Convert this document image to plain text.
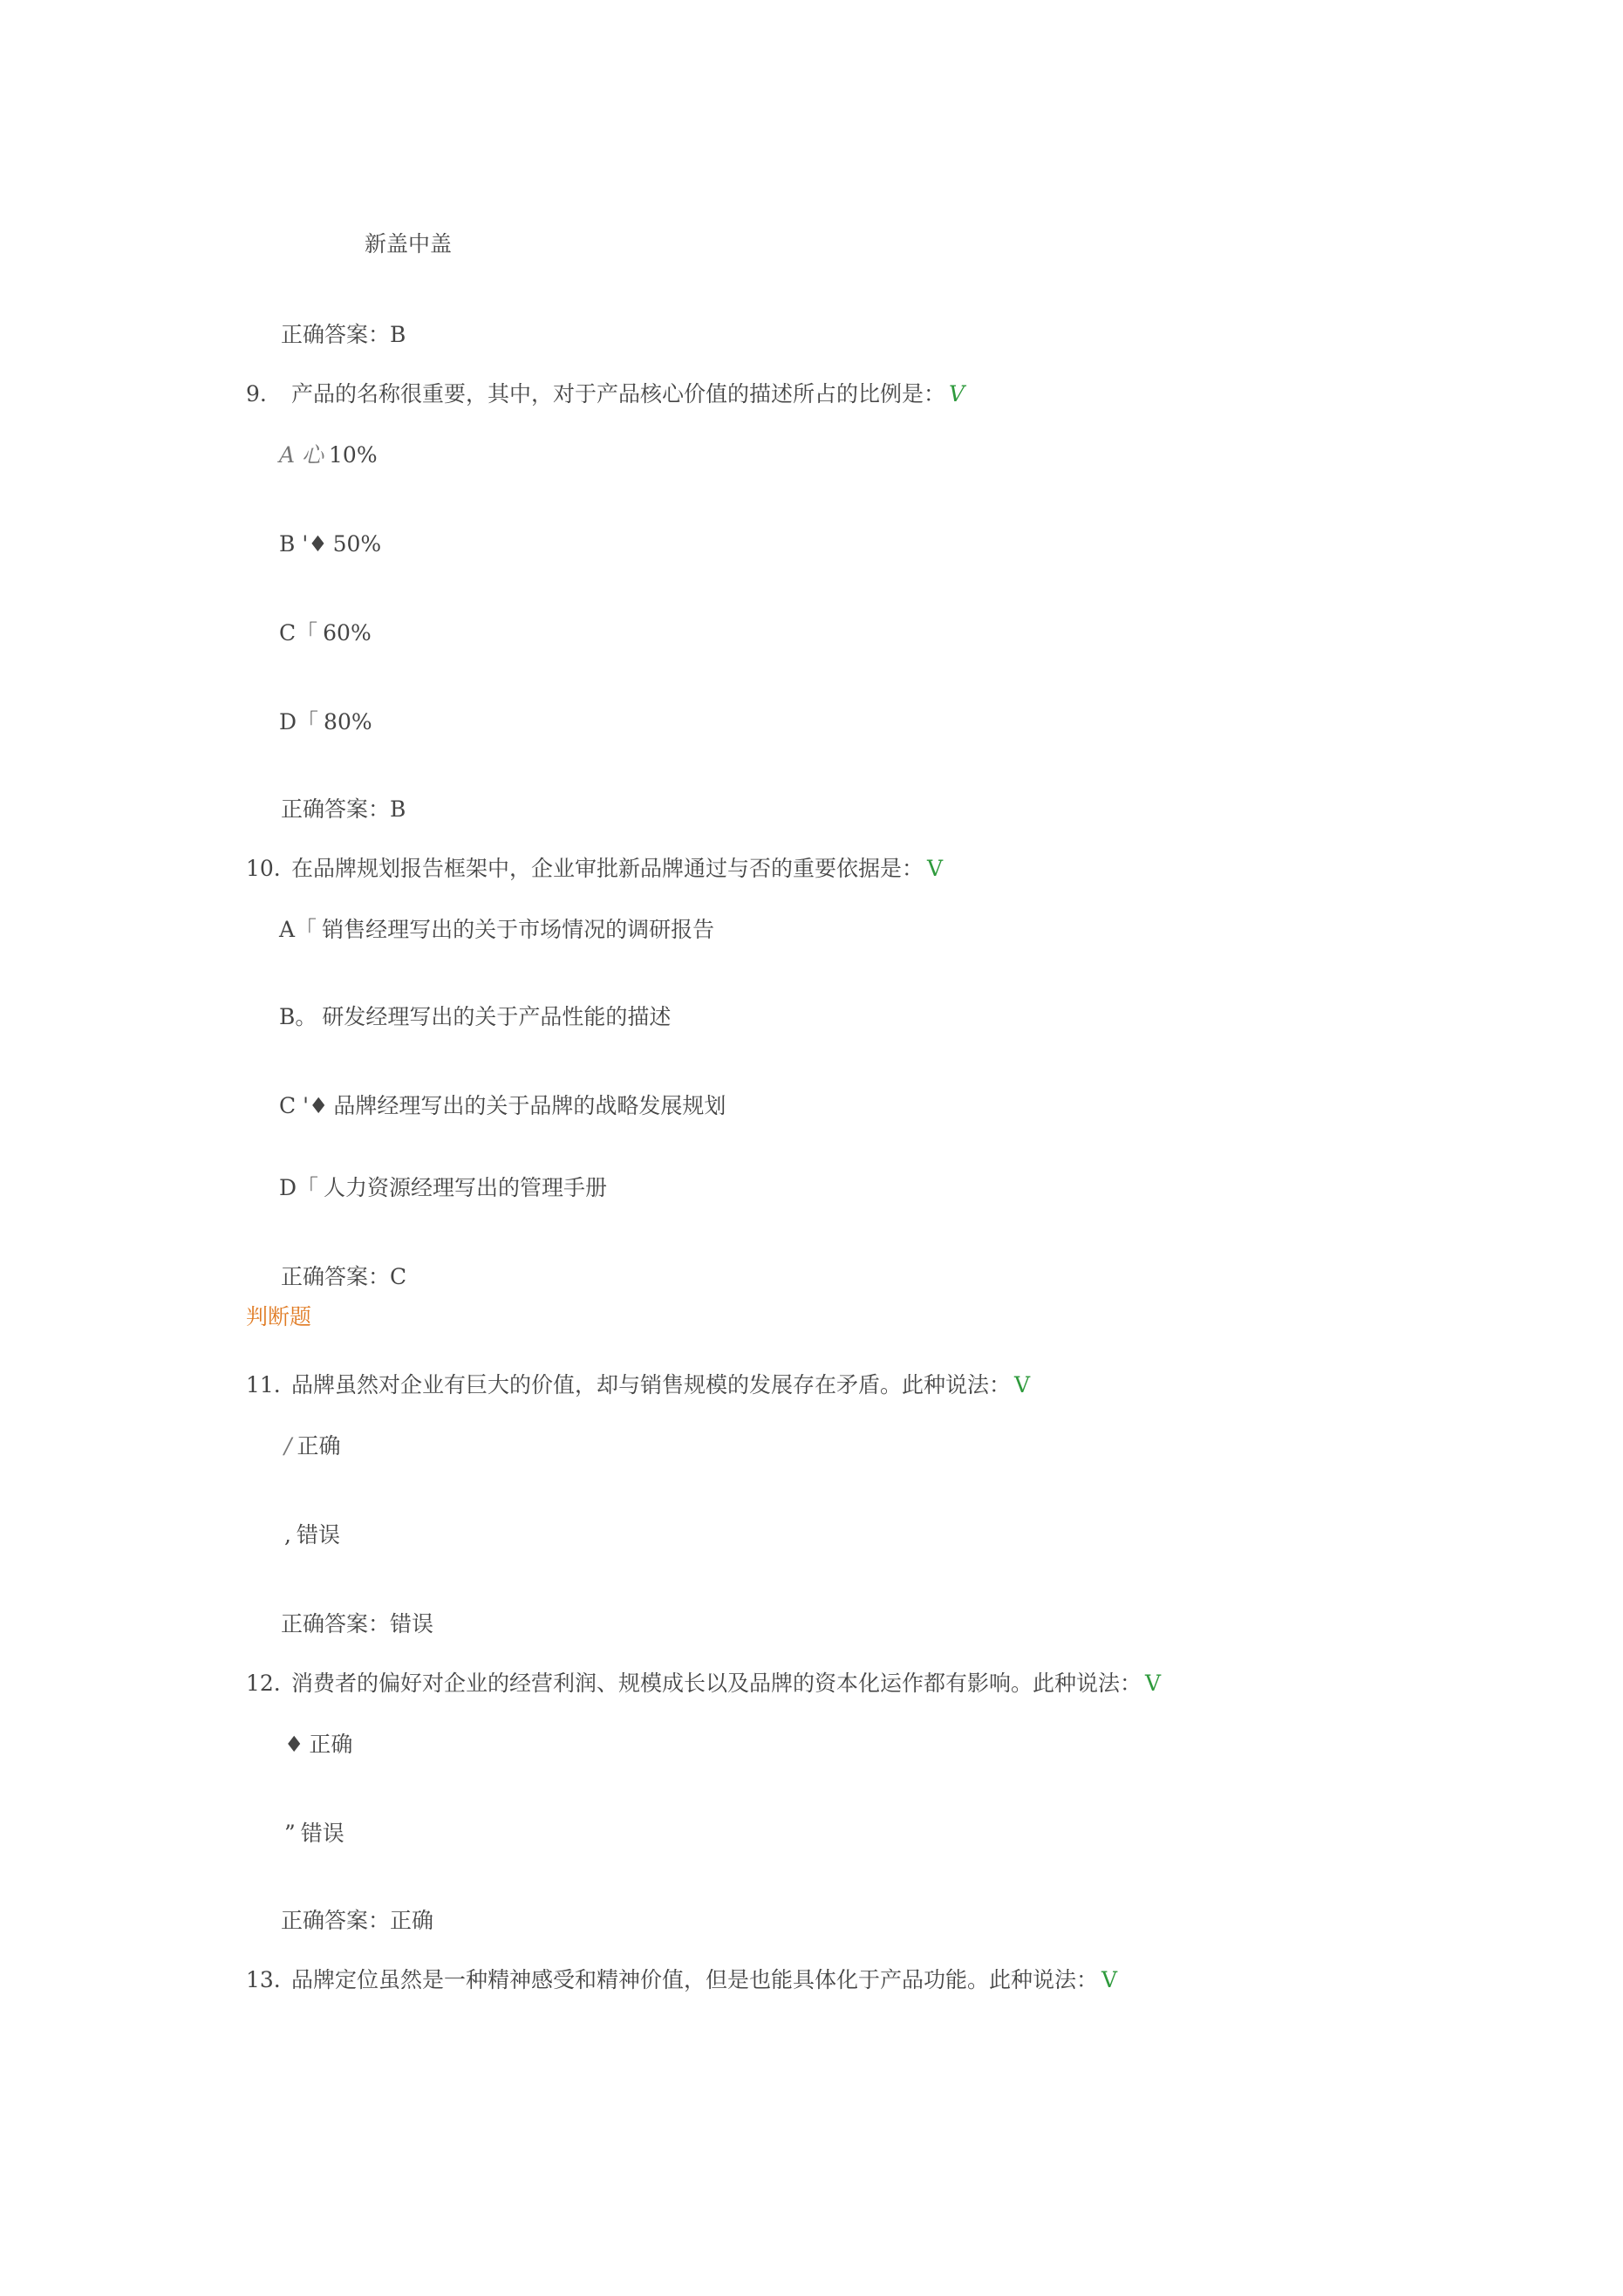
新盖中盖
正确答案：B
9. 产品的名称很重要，其中，对于产品核心价值的描述所占的比例是： V
A 心 10%
B '♦ 50%
C「 60%
D「 80%
正确答案：B
10. 在品牌规划报告框架中，企业审批新品牌通过与否的重要依据是： V
A「 销售经理写出的关于市场情况的调研报告
B。 研发经理写出的关于产品性能的描述
C '♦ 品牌经理写出的关于品牌的战略发展规划
D「 人力资源经理写出的管理手册
正确答案：C
判断题
11. 品牌虽然对企业有巨大的价值，却与销售规模的发展存在矛盾。此种说法： V
/ 正确
, 错误
正确答案：错误
12. 消费者的偏好对企业的经营利润、规模成长以及品牌的资本化运作都有影响。此种说法： V
♦ 正确
” 错误
正确答案：正确
13. 品牌定位虽然是一种精神感受和精神价值，但是也能具体化于产品功能。此种说法： V
